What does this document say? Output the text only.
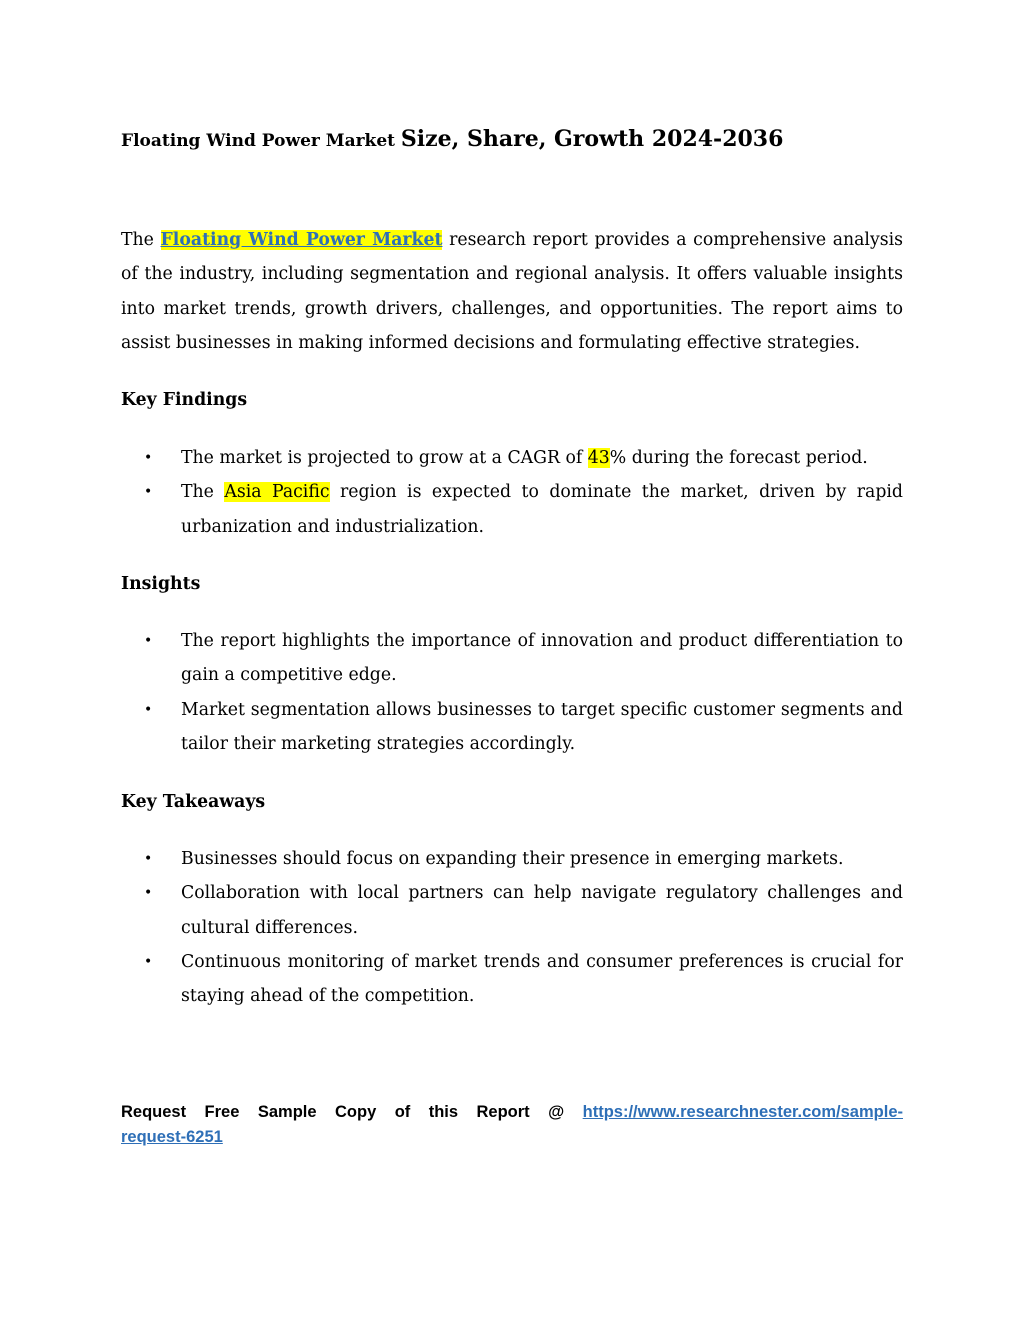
Floating Wind Power Market Size, Share, Growth 2024-2036

The Floating Wind Power Market research report provides a comprehensive analysis of the industry, including segmentation and regional analysis. It offers valuable insights into market trends, growth drivers, challenges, and opportunities. The report aims to assist businesses in making informed decisions and formulating effective strategies.

Key Findings
• The market is projected to grow at a CAGR of 43% during the forecast period.
• The Asia Pacific region is expected to dominate the market, driven by rapid urbanization and industrialization.
Insights
• The report highlights the importance of innovation and product differentiation to gain a competitive edge.
• Market segmentation allows businesses to target specific customer segments and tailor their marketing strategies accordingly.
Key Takeaways
• Businesses should focus on expanding their presence in emerging markets.
• Collaboration with local partners can help navigate regulatory challenges and cultural differences.
• Continuous monitoring of market trends and consumer preferences is crucial for staying ahead of the competition.

Request Free Sample Copy of this Report @ https://www.researchnester.com/sample-request-6251
